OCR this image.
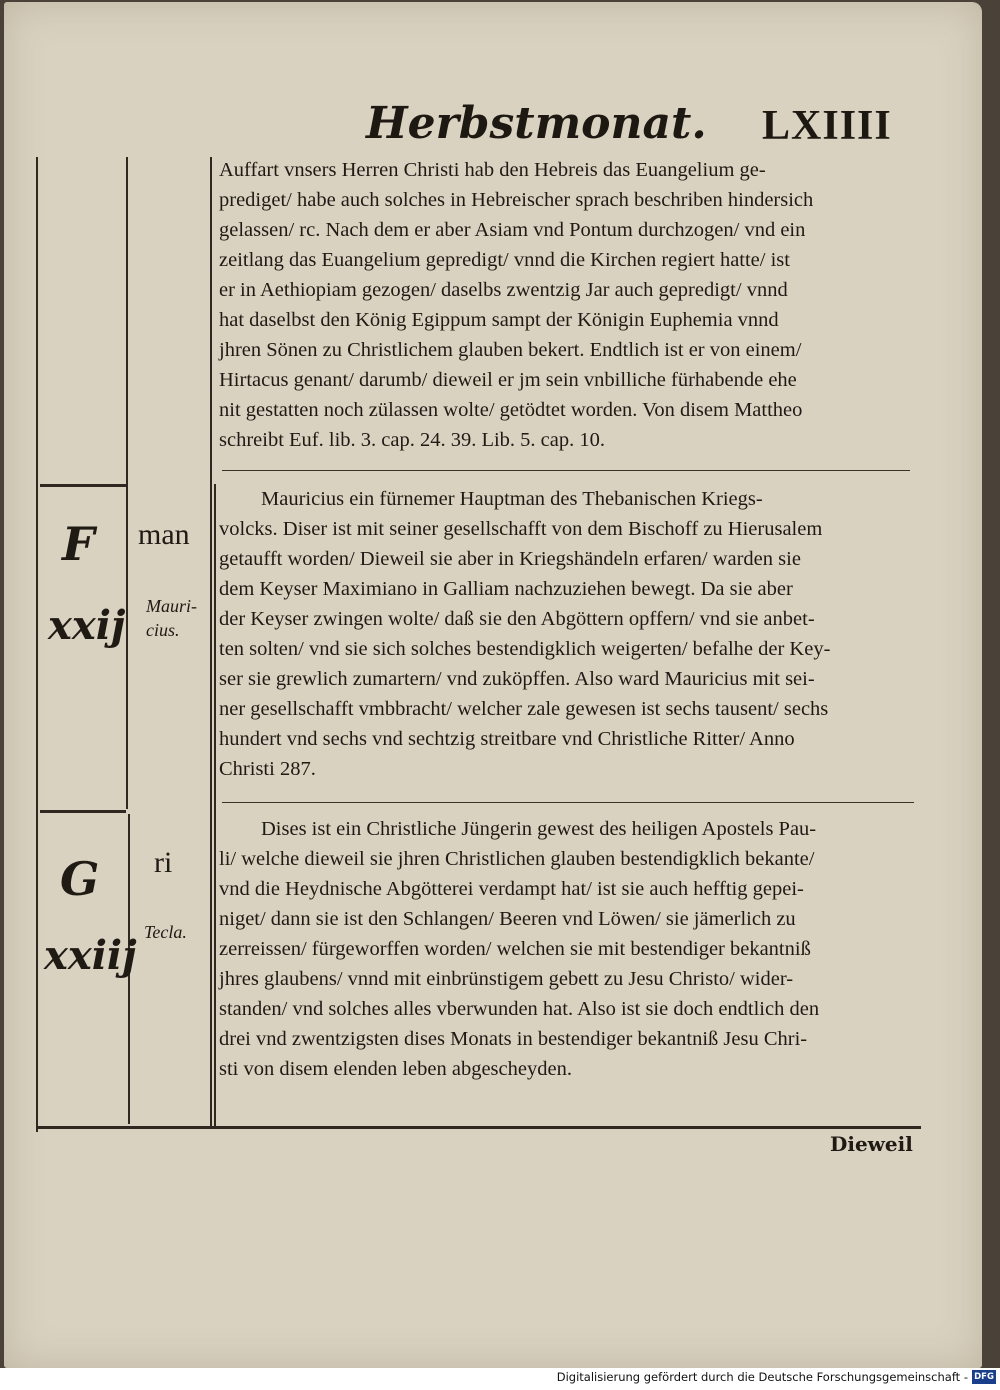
Herbstmonat. LXIIII

Auffart vnsers Herren Christi hab den Hebreis das Euangelium ge-

prediget/ habe auch solches in Hebreischer sprach beschriben hindersich

gelassen/ rc. Nach dem er aber Asiam vnd Pontum durchzogen/ vnd ein

zeitlang das Euangelium gepredigt/ vnnd die Kirchen regiert hatte/ ist

er in Aethiopiam gezogen/ daselbs zwentzig Jar auch gepredigt/ vnnd

hat daselbst den König Egippum sampt der Königin Euphemia vnnd

jhren Sönen zu Christlichem glauben bekert. Endtlich ist er von einem/

Hirtacus genant/ darumb/ dieweil er jm sein vnbilliche fürhabende ehe

nit gestatten noch zülassen wolte/ getödtet worden. Von disem Mattheo

schreibt Euf. lib. 3. cap. 24. 39. Lib. 5. cap. 10.

F
xxij
man
Mauri-cius.

Mauricius ein fürnemer Hauptman des Thebanischen Kriegs-

volcks. Diser ist mit seiner gesellschafft von dem Bischoff zu Hierusalem

getaufft worden/ Dieweil sie aber in Kriegshändeln erfaren/ warden sie

dem Keyser Maximiano in Galliam nachzuziehen bewegt. Da sie aber

der Keyser zwingen wolte/ daß sie den Abgöttern opffern/ vnd sie anbet-

ten solten/ vnd sie sich solches bestendigklich weigerten/ befalhe der Key-

ser sie grewlich zumartern/ vnd zuköpffen. Also ward Mauricius mit sei-

ner gesellschafft vmbbracht/ welcher zale gewesen ist sechs tausent/ sechs

hundert vnd sechs vnd sechtzig streitbare vnd Christliche Ritter/ Anno

Christi 287.

G
xxiij
ri
Tecla.

Dises ist ein Christliche Jüngerin gewest des heiligen Apostels Pau-

li/ welche dieweil sie jhren Christlichen glauben bestendigklich bekante/

vnd die Heydnische Abgötterei verdampt hat/ ist sie auch hefftig gepei-

niget/ dann sie ist den Schlangen/ Beeren vnd Löwen/ sie jämerlich zu

zerreissen/ fürgeworffen worden/ welchen sie mit bestendiger bekantniß

jhres glaubens/ vnnd mit einbrünstigem gebett zu Jesu Christo/ wider-

standen/ vnd solches alles vberwunden hat. Also ist sie doch endtlich den

drei vnd zwentzigsten dises Monats in bestendiger bekantniß Jesu Chri-

sti von disem elenden leben abgescheyden.

Dieweil
Digitalisierung gefördert durch die Deutsche Forschungsgemeinschaft - DFG
